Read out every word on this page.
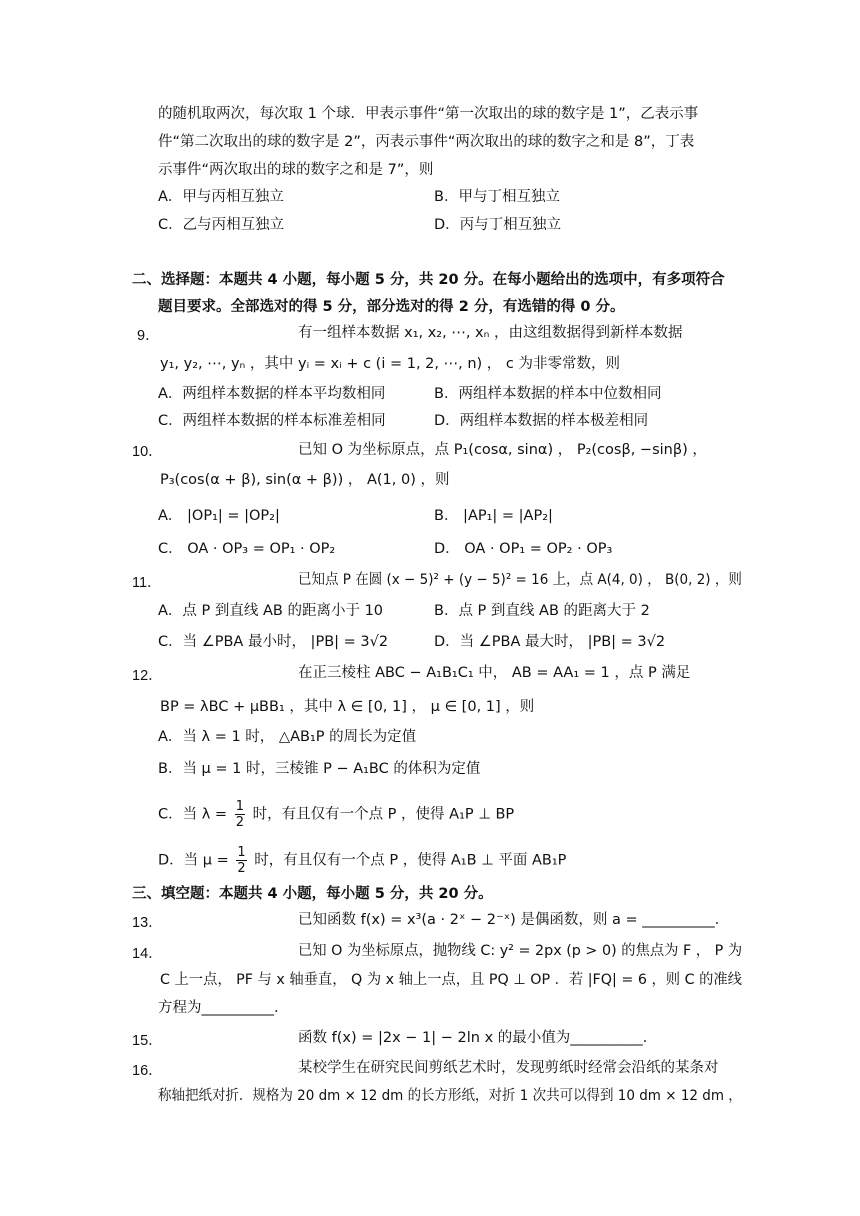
的随机取两次，每次取 1 个球．甲表示事件“第一次取出的球的数字是 1”，乙表示事
件“第二次取出的球的数字是 2”，丙表示事件“两次取出的球的数字之和是 8”，丁表
示事件“两次取出的球的数字之和是 7”，则
A．甲与丙相互独立	B．甲与丁相互独立
C．乙与丙相互独立	D．丙与丁相互独立
二、选择题：本题共 4 小题，每小题 5 分，共 20 分。在每小题给出的选项中，有多项符合
题目要求。全部选对的得 5 分，部分选对的得 2 分，有选错的得 0 分。
9．	有一组样本数据 x₁, x₂, ⋯, xₙ ，由这组数据得到新样本数据
y₁, y₂, ⋯, yₙ ，其中 yᵢ = xᵢ + c (i = 1, 2, ⋯, n) ， c 为非零常数，则
A．两组样本数据的样本平均数相同	B．两组样本数据的样本中位数相同
C．两组样本数据的样本标准差相同	D．两组样本数据的样本极差相同
10．	已知 O 为坐标原点，点 P₁(cosα, sinα) ， P₂(cosβ, −sinβ) ，
P₃(cos(α + β), sin(α + β)) ， A(1, 0) ，则
A． |OP₁| = |OP₂|	B． |AP₁| = |AP₂|
C． OA · OP₃ = OP₁ · OP₂	D． OA · OP₁ = OP₂ · OP₃
11．	已知点 P 在圆 (x − 5)² + (y − 5)² = 16 上，点 A(4, 0) ， B(0, 2) ，则
A．点 P 到直线 AB 的距离小于 10	B．点 P 到直线 AB 的距离大于 2
C．当 ∠PBA 最小时， |PB| = 3√2	D．当 ∠PBA 最大时， |PB| = 3√2
12．	在正三棱柱 ABC − A₁B₁C₁ 中， AB = AA₁ = 1 ，点 P 满足
BP = λBC + μBB₁ ，其中 λ ∈ [0, 1] ， μ ∈ [0, 1] ，则
A．当 λ = 1 时， △AB₁P 的周长为定值
B．当 μ = 1 时，三棱锥 P − A₁BC 的体积为定值
C．当 $\lambda = \frac{1}{2}$ 时，有且仅有一个点 P ，使得 A₁P ⊥ BP
D．当 $\mu = \frac{1}{2}$ 时，有且仅有一个点 P ，使得 A₁B ⊥ 平面 AB₁P
三、填空题：本题共 4 小题，每小题 5 分，共 20 分。
13．	已知函数 f(x) = x³(a · 2ˣ − 2⁻ˣ) 是偶函数，则 a = __________．
14．	已知 O 为坐标原点，抛物线 C: y² = 2px (p > 0) 的焦点为 F ， P 为
C 上一点， PF 与 x 轴垂直， Q 为 x 轴上一点，且 PQ ⊥ OP ．若 |FQ| = 6 ，则 C 的准线
方程为__________．
15．	函数 f(x) = |2x − 1| − 2ln x 的最小值为__________．
16．	某校学生在研究民间剪纸艺术时，发现剪纸时经常会沿纸的某条对
称轴把纸对折．规格为 20 dm × 12 dm 的长方形纸，对折 1 次共可以得到 10 dm × 12 dm ，
